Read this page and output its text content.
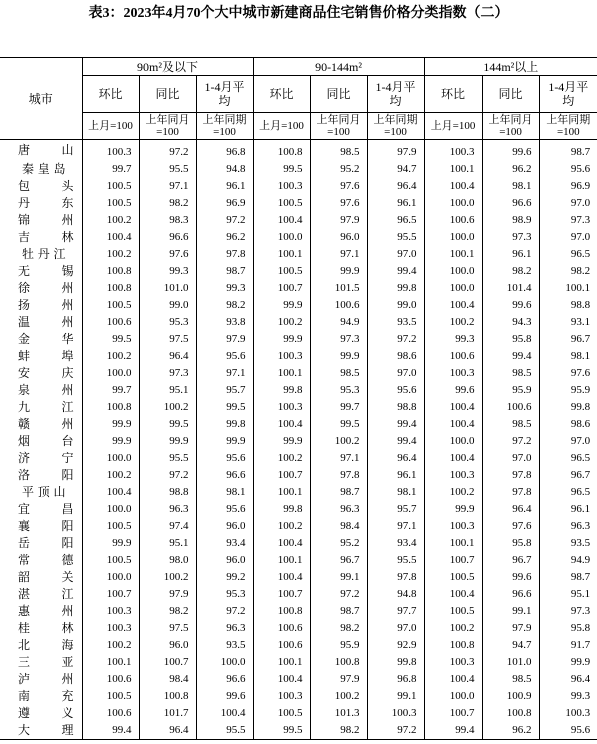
表3：2023年4月70个大中城市新建商品住宅销售价格分类指数（二）
城市	90m²及以下			90-144m²			144m²以上		
	环比	同比	1-4月平均	环比	同比	1-4月平均	环比	同比	1-4月平均
	上月=100	上年同月=100	上年同期=100	上月=100	上年同月=100	上年同期=100	上月=100	上年同月=100	上年同期=100
唐山	100.3	97.2	96.8	100.8	98.5	97.9	100.3	99.6	98.7
秦皇岛	99.7	95.5	94.8	99.5	95.2	94.7	100.1	96.2	95.6
包头	100.5	97.1	96.1	100.3	97.6	96.4	100.4	98.1	96.9
丹东	100.5	98.2	96.9	100.5	97.6	96.1	100.0	96.6	97.0
锦州	100.2	98.3	97.2	100.4	97.9	96.5	100.6	98.9	97.3
吉林	100.4	96.6	96.2	100.0	96.0	95.5	100.0	97.3	97.0
牡丹江	100.2	97.6	97.8	100.1	97.1	97.0	100.1	96.1	96.5
无锡	100.8	99.3	98.7	100.5	99.9	99.4	100.0	98.2	98.2
徐州	100.8	101.0	99.3	100.7	101.5	99.8	100.0	101.4	100.1
扬州	100.5	99.0	98.2	99.9	100.6	99.0	100.4	99.6	98.8
温州	100.6	95.3	93.8	100.2	94.9	93.5	100.2	94.3	93.1
金华	99.5	97.5	97.9	99.9	97.3	97.2	99.3	95.8	96.7
蚌埠	100.2	96.4	95.6	100.3	99.9	98.6	100.6	99.4	98.1
安庆	100.0	97.3	97.1	100.1	98.5	97.0	100.3	98.5	97.6
泉州	99.7	95.1	95.7	99.8	95.3	95.6	99.6	95.9	95.9
九江	100.8	100.2	99.5	100.3	99.7	98.8	100.4	100.6	99.8
赣州	99.9	99.5	99.8	100.4	99.5	99.4	100.4	98.5	98.6
烟台	99.9	99.9	99.9	99.9	100.2	99.4	100.0	97.2	97.0
济宁	100.0	95.5	95.6	100.2	97.1	96.4	100.4	97.0	96.5
洛阳	100.2	97.2	96.6	100.7	97.8	96.1	100.3	97.8	96.7
平顶山	100.4	98.8	98.1	100.1	98.7	98.1	100.2	97.8	96.5
宜昌	100.0	96.3	95.6	99.8	96.3	95.7	99.9	96.4	96.1
襄阳	100.5	97.4	96.0	100.2	98.4	97.1	100.3	97.6	96.3
岳阳	99.9	95.1	93.4	100.4	95.2	93.4	100.1	95.8	93.5
常德	100.5	98.0	96.0	100.1	96.7	95.5	100.7	96.7	94.9
韶关	100.0	100.2	99.2	100.4	99.1	97.8	100.5	99.6	98.7
湛江	100.7	97.9	95.3	100.7	97.2	94.8	100.4	96.6	95.1
惠州	100.3	98.2	97.2	100.8	98.7	97.7	100.5	99.1	97.3
桂林	100.3	97.5	96.3	100.6	98.2	97.0	100.2	97.9	95.8
北海	100.2	96.0	93.5	100.6	95.9	92.9	100.8	94.7	91.7
三亚	100.1	100.7	100.0	100.1	100.8	99.8	100.3	101.0	99.9
泸州	100.6	98.4	96.6	100.4	97.9	96.8	100.4	98.5	96.4
南充	100.5	100.8	99.6	100.3	100.2	99.1	100.0	100.9	99.3
遵义	100.6	101.7	100.4	100.5	101.3	100.3	100.7	100.8	100.3
大理	99.4	96.4	95.5	99.5	98.2	97.2	99.4	96.2	95.6
